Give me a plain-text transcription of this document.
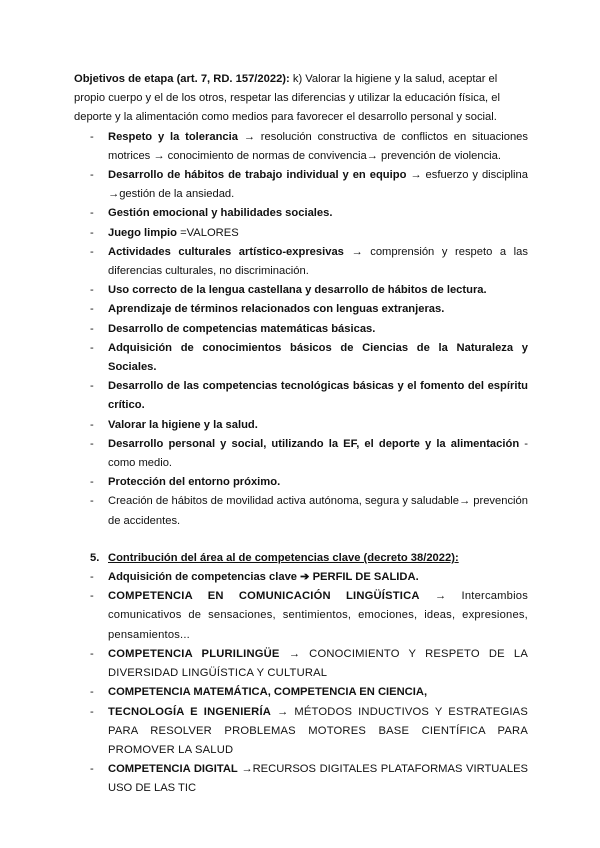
Objetivos de etapa (art. 7, RD. 157/2022): k) Valorar la higiene y la salud, aceptar el propio cuerpo y el de los otros, respetar las diferencias y utilizar la educación física, el deporte y la alimentación como medios para favorecer el desarrollo personal y social.

- Respeto y la tolerancia → resolución constructiva de conflictos en situaciones motrices → conocimiento de normas de convivencia→ prevención de violencia.
- Desarrollo de hábitos de trabajo individual y en equipo → esfuerzo y disciplina →gestión de la ansiedad.
- Gestión emocional y habilidades sociales.
- Juego limpio =VALORES
- Actividades culturales artístico-expresivas → comprensión y respeto a las diferencias culturales, no discriminación.
- Uso correcto de la lengua castellana y desarrollo de hábitos de lectura.
- Aprendizaje de términos relacionados con lenguas extranjeras.
- Desarrollo de competencias matemáticas básicas.
- Adquisición de conocimientos básicos de Ciencias de la Naturaleza y Sociales.
- Desarrollo de las competencias tecnológicas básicas y el fomento del espíritu crítico.
- Valorar la higiene y la salud.
- Desarrollo personal y social, utilizando la EF, el deporte y la alimentación - como medio.
- Protección del entorno próximo.
- Creación de hábitos de movilidad activa autónoma, segura y saludable→ prevención de accidentes.
5. Contribución del área al de competencias clave (decreto 38/2022):
- Adquisición de competencias clave ➔ PERFIL DE SALIDA.
- COMPETENCIA EN COMUNICACIÓN LINGÜÍSTICA → Intercambios comunicativos de sensaciones, sentimientos, emociones, ideas, expresiones, pensamientos...
- COMPETENCIA PLURILINGÜE → CONOCIMIENTO Y RESPETO DE LA DIVERSIDAD LINGÜÍSTICA Y CULTURAL
- COMPETENCIA MATEMÁTICA, COMPETENCIA EN CIENCIA,
- TECNOLOGÍA E INGENIERÍA → MÉTODOS INDUCTIVOS Y ESTRATEGIAS PARA RESOLVER PROBLEMAS MOTORES BASE CIENTÍFICA PARA PROMOVER LA SALUD
- COMPETENCIA DIGITAL →RECURSOS DIGITALES PLATAFORMAS VIRTUALES USO DE LAS TIC
